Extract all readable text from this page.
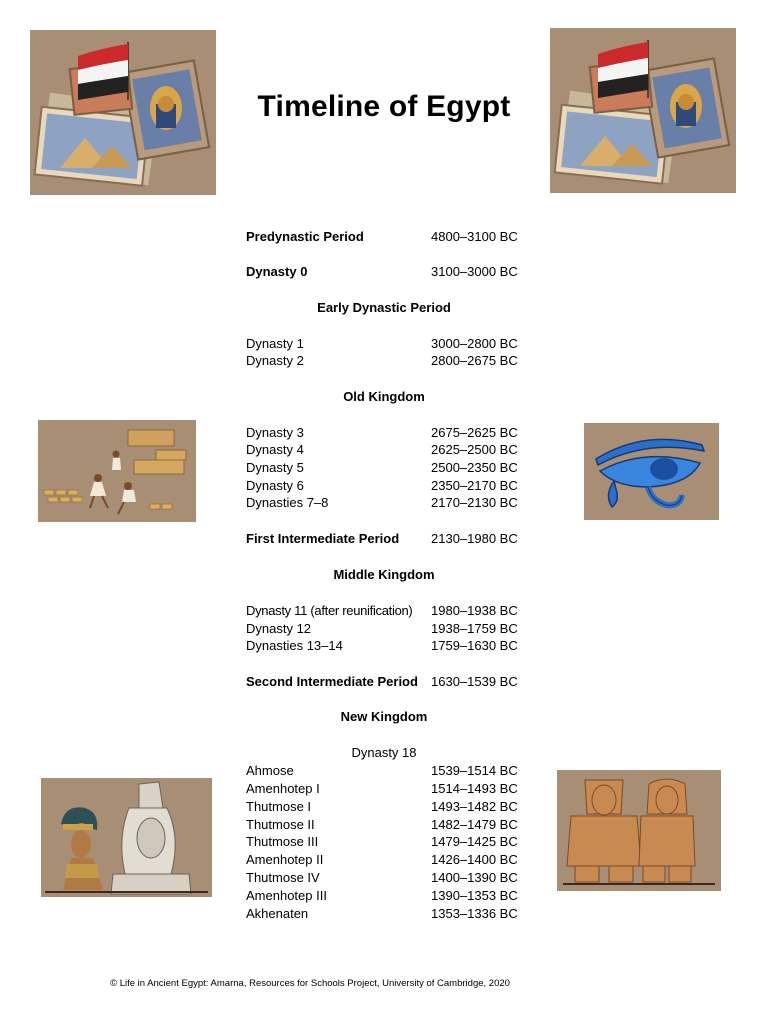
Timeline of Egypt
Predynastic Period	4800–3100 BC
Dynasty 0	3100–3000 BC
Early Dynastic Period
Dynasty 1	3000–2800 BC
Dynasty 2	2800–2675 BC
Old Kingdom
Dynasty 3	2675–2625 BC
Dynasty 4	2625–2500 BC
Dynasty 5	2500–2350 BC
Dynasty 6	2350–2170 BC
Dynasties 7–8	2170–2130 BC
First Intermediate Period 2130–1980 BC
Middle Kingdom
Dynasty 11 (after reunification) 1980–1938 BC
Dynasty 12	1938–1759 BC
Dynasties 13–14	1759–1630 BC
Second Intermediate Period 1630–1539 BC
New Kingdom
Dynasty 18
Ahmose	1539–1514 BC
Amenhotep I	1514–1493 BC
Thutmose I	1493–1482 BC
Thutmose II	1482–1479 BC
Thutmose III	1479–1425 BC
Amenhotep II	1426–1400 BC
Thutmose IV	1400–1390 BC
Amenhotep III	1390–1353 BC
Akhenaten	1353–1336 BC
© Life in Ancient Egypt: Amarna, Resources for Schools Project, University of Cambridge, 2020
